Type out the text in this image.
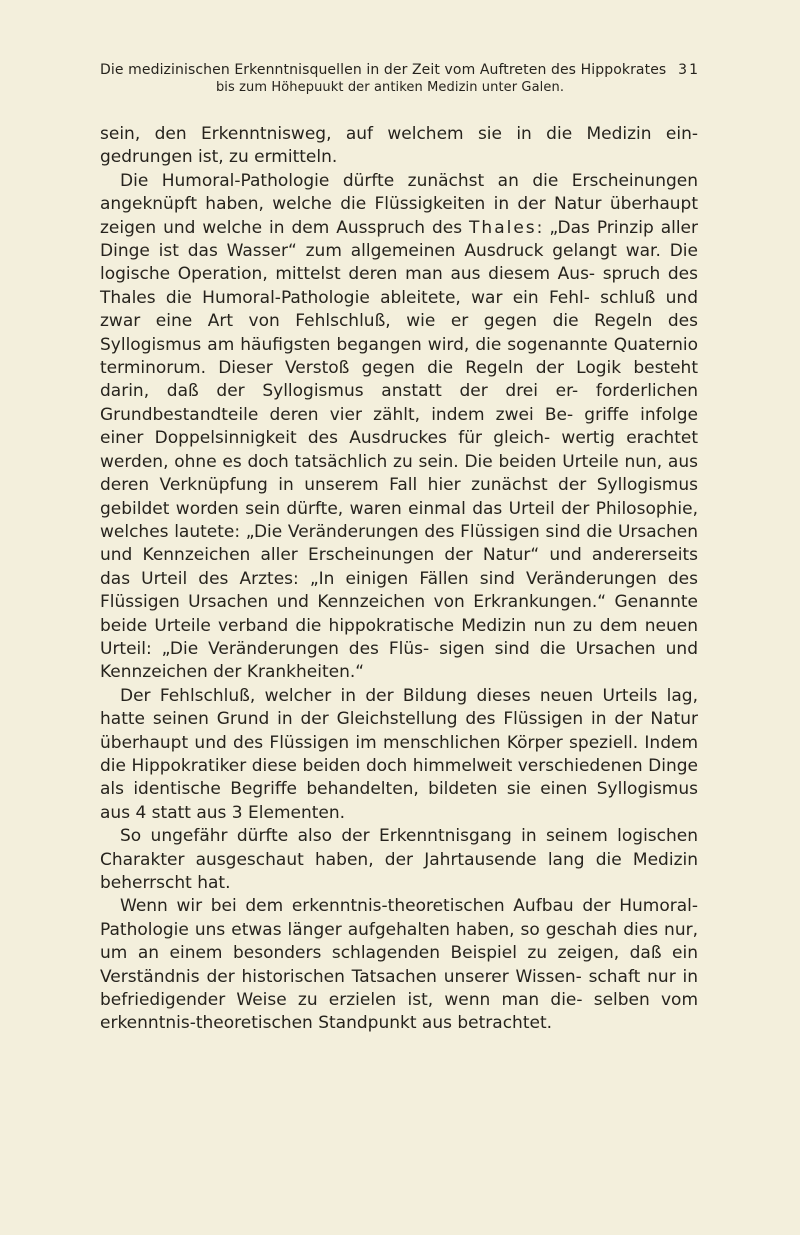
Die medizinischen Erkenntnisquellen in der Zeit vom Auftreten des Hippokrates 31
bis zum Höhepuukt der antiken Medizin unter Galen.

sein, den Erkenntnisweg, auf welchem sie in die Medizin ein- gedrungen ist, zu ermitteln.

Die Humoral-Pathologie dürfte zunächst an die Erscheinungen angeknüpft haben, welche die Flüssigkeiten in der Natur überhaupt zeigen und welche in dem Ausspruch des Thales: „Das Prinzip aller Dinge ist das Wasser“ zum allgemeinen Ausdruck gelangt war. Die logische Operation, mittelst deren man aus diesem Aus- spruch des Thales die Humoral-Pathologie ableitete, war ein Fehl- schluß und zwar eine Art von Fehlschluß, wie er gegen die Regeln des Syllogismus am häufigsten begangen wird, die sogenannte Quaternio terminorum. Dieser Verstoß gegen die Regeln der Logik besteht darin, daß der Syllogismus anstatt der drei er- forderlichen Grundbestandteile deren vier zählt, indem zwei Be- griffe infolge einer Doppelsinnigkeit des Ausdruckes für gleich- wertig erachtet werden, ohne es doch tatsächlich zu sein. Die beiden Urteile nun, aus deren Verknüpfung in unserem Fall hier zunächst der Syllogismus gebildet worden sein dürfte, waren einmal das Urteil der Philosophie, welches lautete: „Die Veränderungen des Flüssigen sind die Ursachen und Kennzeichen aller Erscheinungen der Natur“ und andererseits das Urteil des Arztes: „In einigen Fällen sind Veränderungen des Flüssigen Ursachen und Kennzeichen von Erkrankungen.“ Genannte beide Urteile verband die hippokratische Medizin nun zu dem neuen Urteil: „Die Veränderungen des Flüs- sigen sind die Ursachen und Kennzeichen der Krankheiten.“

Der Fehlschluß, welcher in der Bildung dieses neuen Urteils lag, hatte seinen Grund in der Gleichstellung des Flüssigen in der Natur überhaupt und des Flüssigen im menschlichen Körper speziell. Indem die Hippokratiker diese beiden doch himmelweit verschiedenen Dinge als identische Begriffe behandelten, bildeten sie einen Syllogismus aus 4 statt aus 3 Elementen.

So ungefähr dürfte also der Erkenntnisgang in seinem logischen Charakter ausgeschaut haben, der Jahrtausende lang die Medizin beherrscht hat.

Wenn wir bei dem erkenntnis-theoretischen Aufbau der Humoral-Pathologie uns etwas länger aufgehalten haben, so geschah dies nur, um an einem besonders schlagenden Beispiel zu zeigen, daß ein Verständnis der historischen Tatsachen unserer Wissen- schaft nur in befriedigender Weise zu erzielen ist, wenn man die- selben vom erkenntnis-theoretischen Standpunkt aus betrachtet.
